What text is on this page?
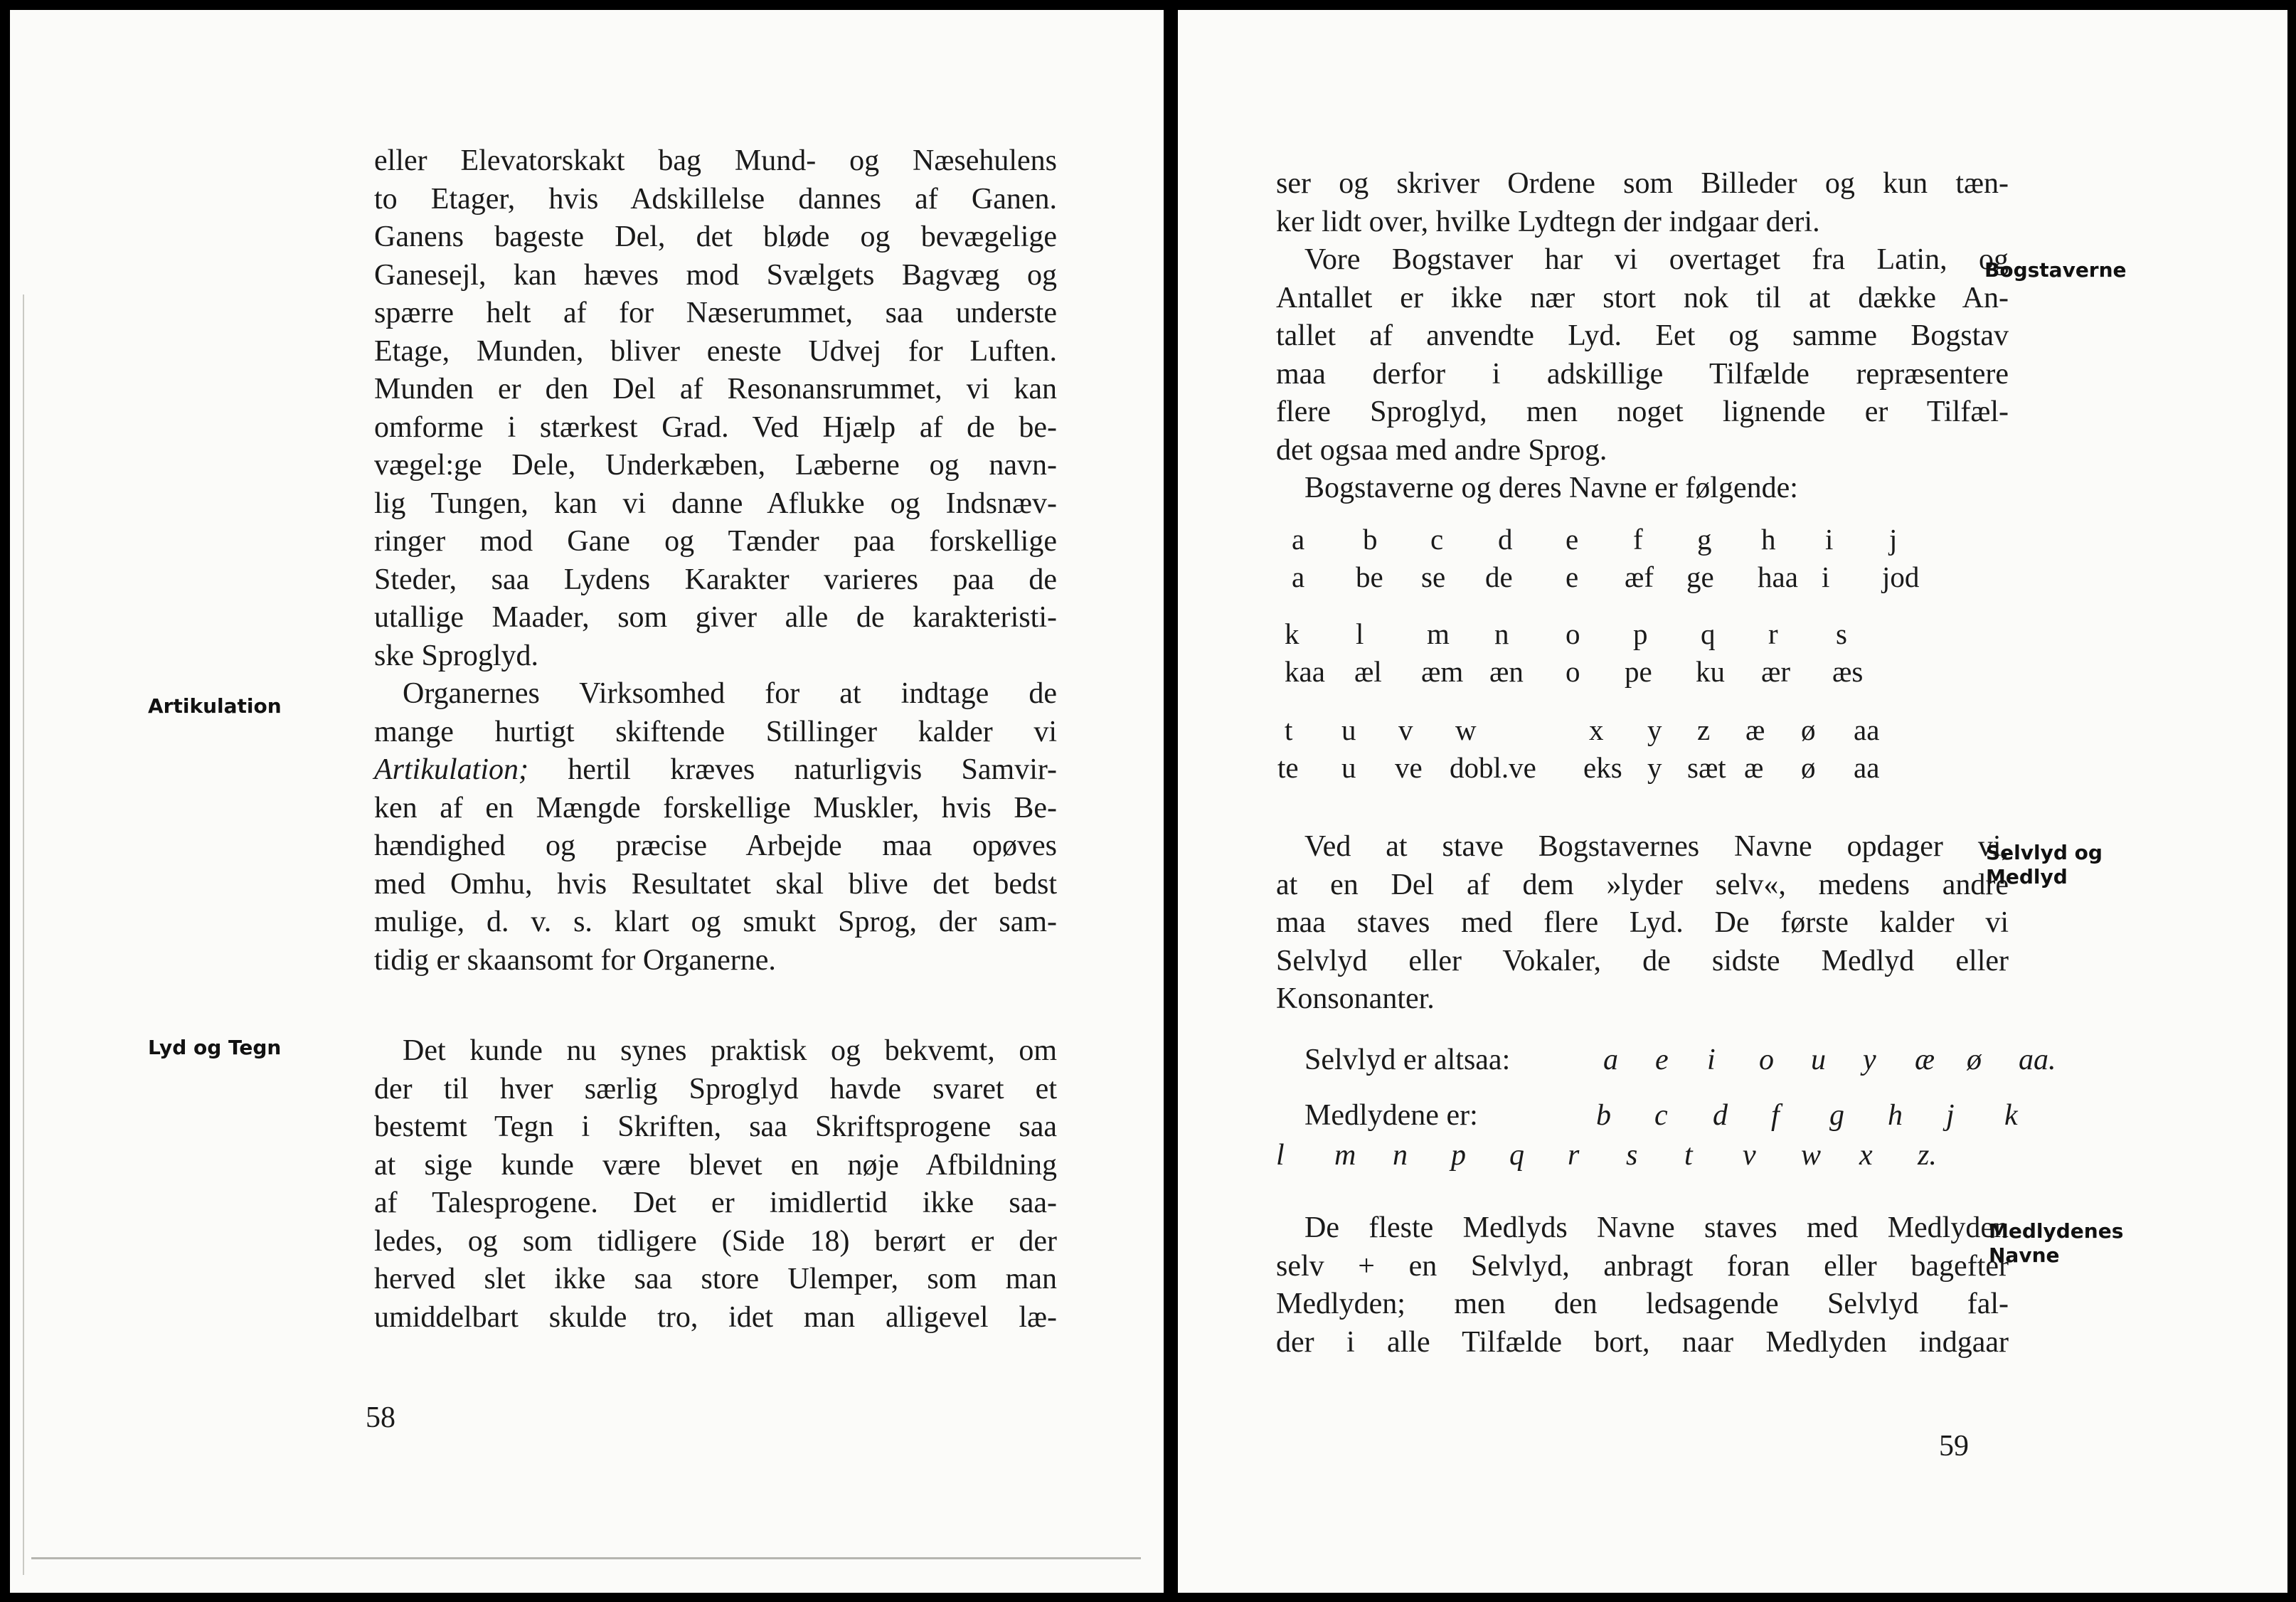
eller Elevatorskakt bag Mund- og Næsehulens
to Etager, hvis Adskillelse dannes af Ganen.
Ganens bageste Del, det bløde og bevægelige
Ganesejl, kan hæves mod Svælgets Bagvæg og
spærre helt af for Næserummet, saa underste
Etage, Munden, bliver eneste Udvej for Luften.
Munden er den Del af Resonansrummet, vi kan
omforme i stærkest Grad. Ved Hjælp af de be-
vægel:ge Dele, Underkæben, Læberne og navn-
lig Tungen, kan vi danne Aflukke og Indsnæv-
ringer mod Gane og Tænder paa forskellige
Steder, saa Lydens Karakter varieres paa de
utallige Maader, som giver alle de karakteristi-
ske Sproglyd.
Organernes Virksomhed for at indtage de
mange hurtigt skiftende Stillinger kalder vi
Artikulation; hertil kræves naturligvis Samvir-
ken af en Mængde forskellige Muskler, hvis Be-
hændighed og præcise Arbejde maa opøves
med Omhu, hvis Resultatet skal blive det bedst
mulige, d. v. s. klart og smukt Sprog, der sam-
tidig er skaansomt for Organerne.
Artikulation
Lyd og Tegn	Det kunde nu synes praktisk og bekvemt, om
der til hver særlig Sproglyd havde svaret et
bestemt Tegn i Skriften, saa Skriftsprogene saa
at sige kunde være blevet en nøje Afbildning
af Talesprogene. Det er imidlertid ikke saa-
ledes, og som tidligere (Side 18) berørt er der
herved slet ikke saa store Ulemper, som man
umiddelbart skulde tro, idet man alligevel læ-
58
ser og skriver Ordene som Billeder og kun tæn-
ker lidt over, hvilke Lydtegn der indgaar deri.
Vore Bogstaver har vi overtaget fra Latin, og
Antallet er ikke nær stort nok til at dække An-
tallet af anvendte Lyd. Eet og samme Bogstav
maa derfor i adskillige Tilfælde repræsentere
flere Sproglyd, men noget lignende er Tilfæl-
det ogsaa med andre Sprog.
Bogstaverne og deres Navne er følgende:
Bogstaverne
a b c d e f g h i j
a be se de e æf ge haa i jod
k l m n o p q r s
kaa æl æm æn o pe ku ær æs
t u v w	x y z æ ø aa
te u ve dobl.ve eks y sæt æ ø aa
Ved at stave Bogstavernes Navne opdager vi,
at en Del af dem »lyder selv«, medens andre
maa staves med flere Lyd. De første kalder vi
Selvlyd eller Vokaler, de sidste Medlyd eller
Konsonanter.
Selvlyd og
Medlyd
Selvlyd er altsaa:	a e i o u y æ ø aa.
Medlydene er:	b c d f g h j k
l m n p q r s t v w x z.
De fleste Medlyds Navne staves med Medlyden
selv + en Selvlyd, anbragt foran eller bagefter
Medlyden; men den ledsagende Selvlyd fal-
der i alle Tilfælde bort, naar Medlyden indgaar
Medlydenes
Navne
59
